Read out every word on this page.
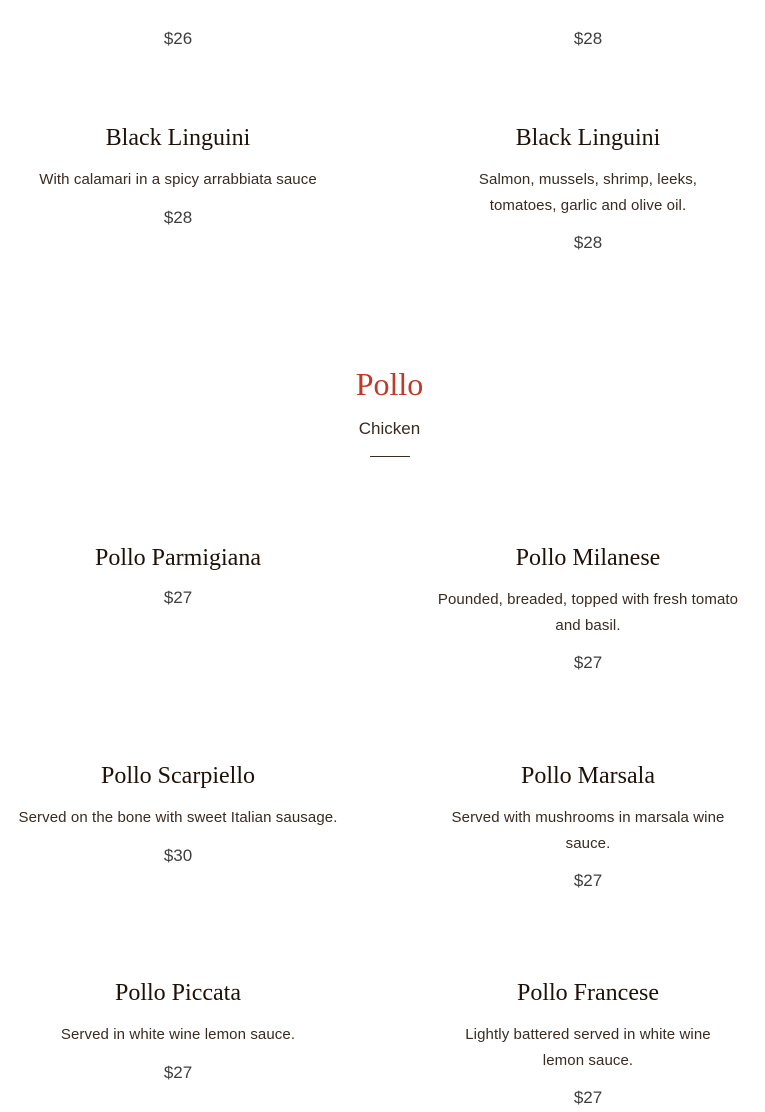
$26	$28

Black Linguini

With calamari in a spicy arrabbiata sauce

$28

Black Linguini

Salmon, mussels, shrimp, leeks, tomatoes, garlic and olive oil.

$28

Pollo

Chicken

Pollo Parmigiana

$27

Pollo Milanese

Pounded, breaded, topped with fresh tomato and basil.

$27

Pollo Scarpiello

Served on the bone with sweet Italian sausage.

$30

Pollo Marsala

Served with mushrooms in marsala wine sauce.

$27

Pollo Piccata

Served in white wine lemon sauce.

$27

Pollo Francese

Lightly battered served in white wine lemon sauce.

$27
